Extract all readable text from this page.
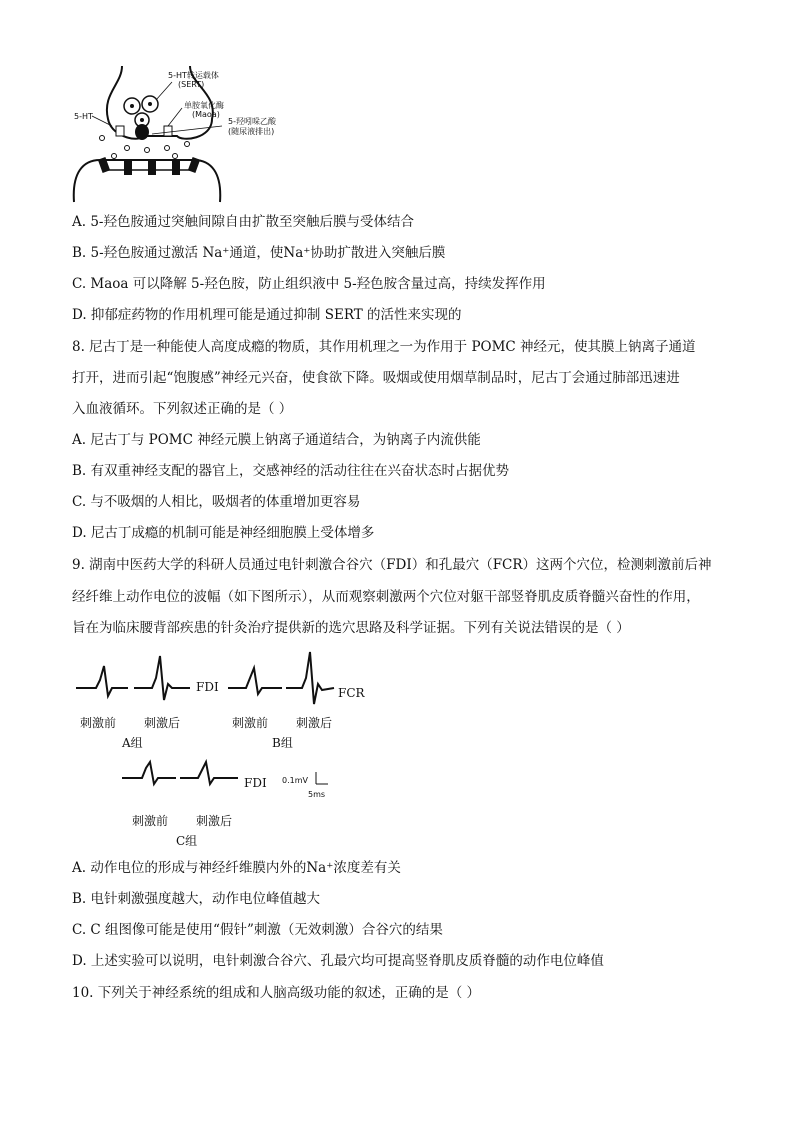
5-HT转运载体
(SERT)
5-HT
单胺氧化酶
(Maoa)
5-羟吲哚乙酸
(随尿液排出)
A. 5-羟色胺通过突触间隙自由扩散至突触后膜与受体结合
B. 5-羟色胺通过激活 Na⁺通道，使Na⁺协助扩散进入突触后膜
C. Maoa 可以降解 5-羟色胺，防止组织液中 5-羟色胺含量过高，持续发挥作用
D. 抑郁症药物的作用机理可能是通过抑制 SERT 的活性来实现的
8. 尼古丁是一种能使人高度成瘾的物质，其作用机理之一为作用于 POMC 神经元，使其膜上钠离子通道
打开，进而引起“饱腹感”神经元兴奋，使食欲下降。吸烟或使用烟草制品时，尼古丁会通过肺部迅速进
入血液循环。下列叙述正确的是（ ）
A. 尼古丁与 POMC 神经元膜上钠离子通道结合，为钠离子内流供能
B. 有双重神经支配的器官上，交感神经的活动往往在兴奋状态时占据优势
C. 与不吸烟的人相比，吸烟者的体重增加更容易
D. 尼古丁成瘾的机制可能是神经细胞膜上受体增多
9. 湖南中医药大学的科研人员通过电针刺激合谷穴（FDI）和孔最穴（FCR）这两个穴位，检测刺激前后神
经纤维上动作电位的波幅（如下图所示），从而观察刺激两个穴位对躯干部竖脊肌皮质脊髓兴奋性的作用，
旨在为临床腰背部疾患的针灸治疗提供新的选穴思路及科学证据。下列有关说法错误的是（ ）
FDI	FCR
刺激前 刺激后
A组
刺激前 刺激后
B组
FDI 0.1mV
5ms
刺激前 刺激后
C组
A. 动作电位的形成与神经纤维膜内外的Na⁺浓度差有关
B. 电针刺激强度越大，动作电位峰值越大
C. C 组图像可能是使用“假针”刺激（无效刺激）合谷穴的结果
D. 上述实验可以说明，电针刺激合谷穴、孔最穴均可提高竖脊肌皮质脊髓的动作电位峰值
10. 下列关于神经系统的组成和人脑高级功能的叙述，正确的是（ ）
